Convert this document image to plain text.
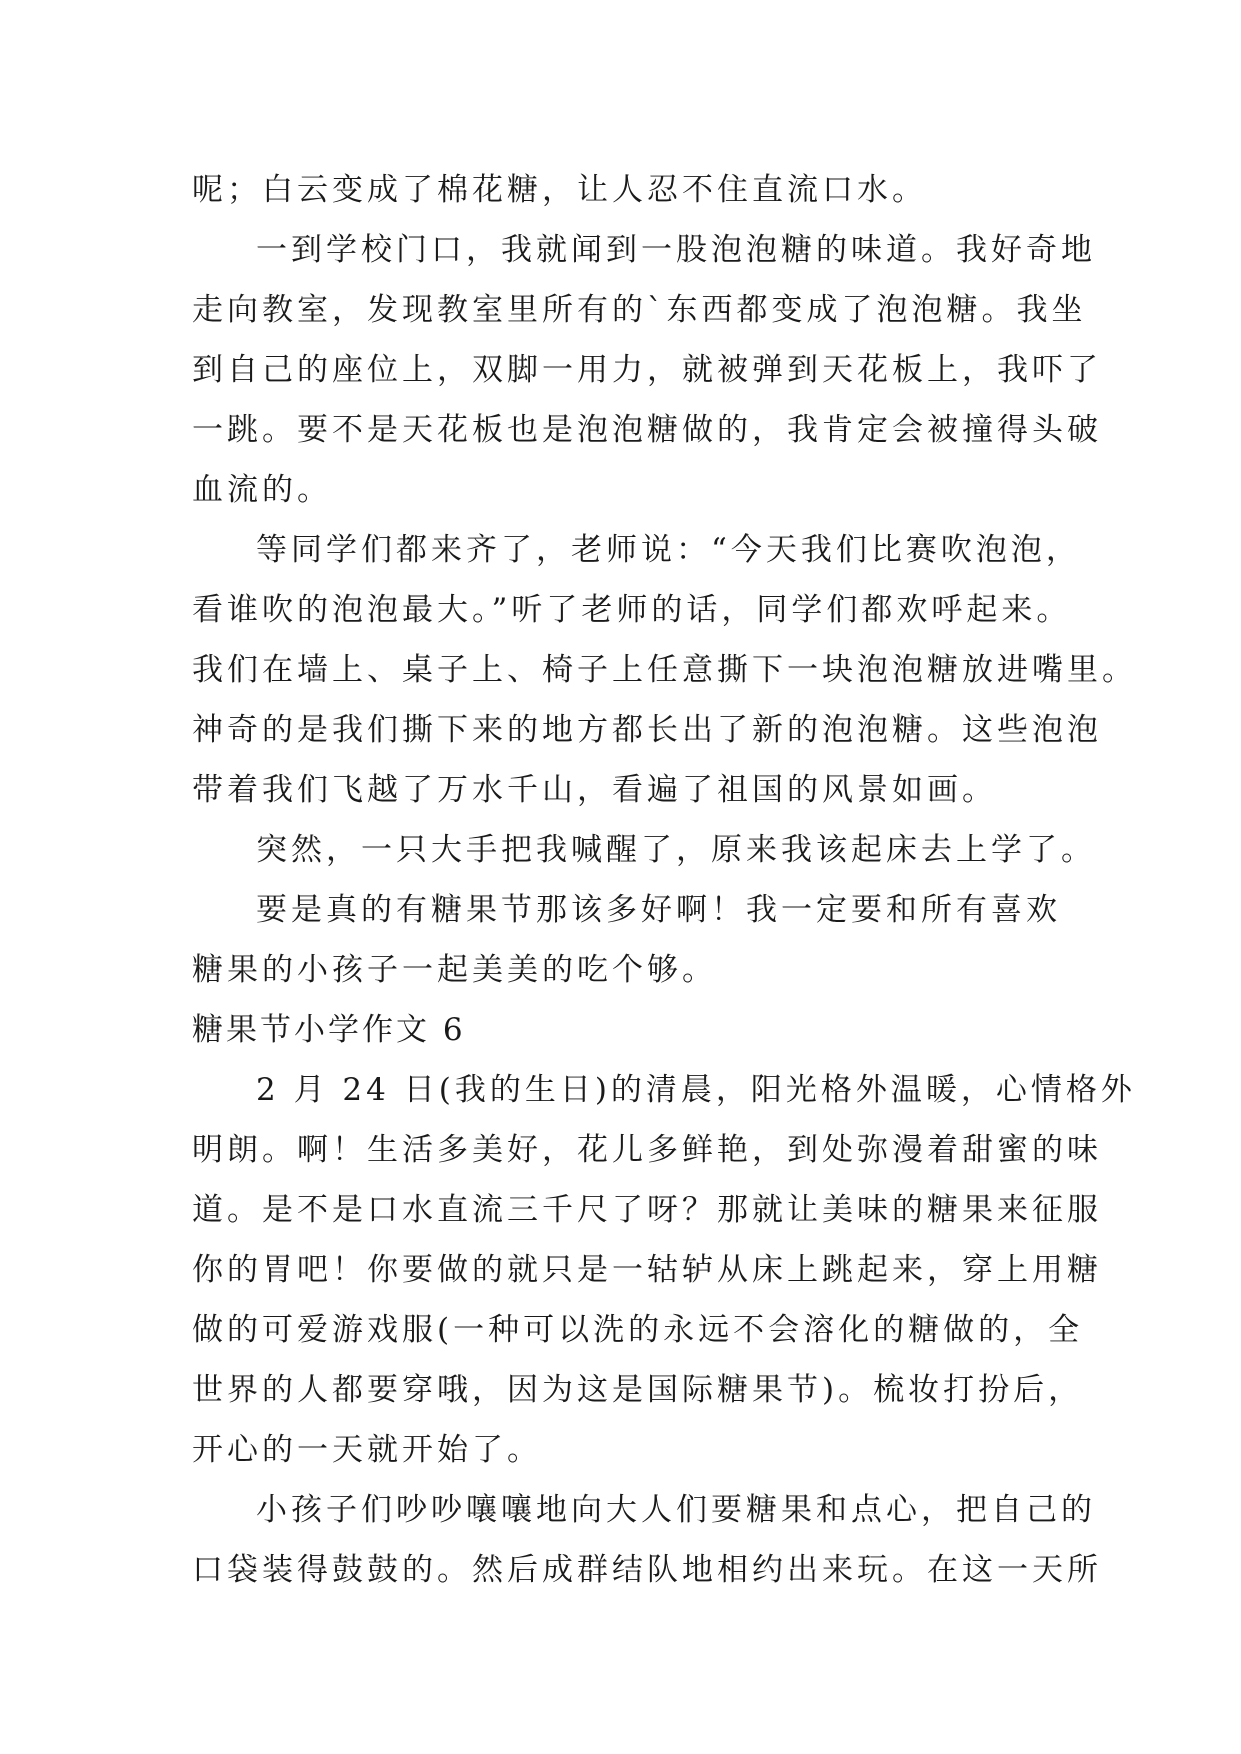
呢；白云变成了棉花糖，让人忍不住直流口水。
一到学校门口，我就闻到一股泡泡糖的味道。我好奇地
走向教室，发现教室里所有的`东西都变成了泡泡糖。我坐
到自己的座位上，双脚一用力，就被弹到天花板上，我吓了
一跳。要不是天花板也是泡泡糖做的，我肯定会被撞得头破
血流的。
等同学们都来齐了，老师说：“今天我们比赛吹泡泡，
看谁吹的泡泡最大。”听了老师的话，同学们都欢呼起来。
我们在墙上、桌子上、椅子上任意撕下一块泡泡糖放进嘴里。
神奇的是我们撕下来的地方都长出了新的泡泡糖。这些泡泡
带着我们飞越了万水千山，看遍了祖国的风景如画。
突然，一只大手把我喊醒了，原来我该起床去上学了。
要是真的有糖果节那该多好啊！我一定要和所有喜欢
糖果的小孩子一起美美的吃个够。
糖果节小学作文 6
2 月 24 日(我的生日)的清晨，阳光格外温暖，心情格外
明朗。啊！生活多美好，花儿多鲜艳，到处弥漫着甜蜜的味
道。是不是口水直流三千尺了呀？那就让美味的糖果来征服
你的胃吧！你要做的就只是一轱轳从床上跳起来，穿上用糖
做的可爱游戏服(一种可以洗的永远不会溶化的糖做的，全
世界的人都要穿哦，因为这是国际糖果节)。梳妆打扮后，
开心的一天就开始了。
小孩子们吵吵嚷嚷地向大人们要糖果和点心，把自己的
口袋装得鼓鼓的。然后成群结队地相约出来玩。在这一天所
